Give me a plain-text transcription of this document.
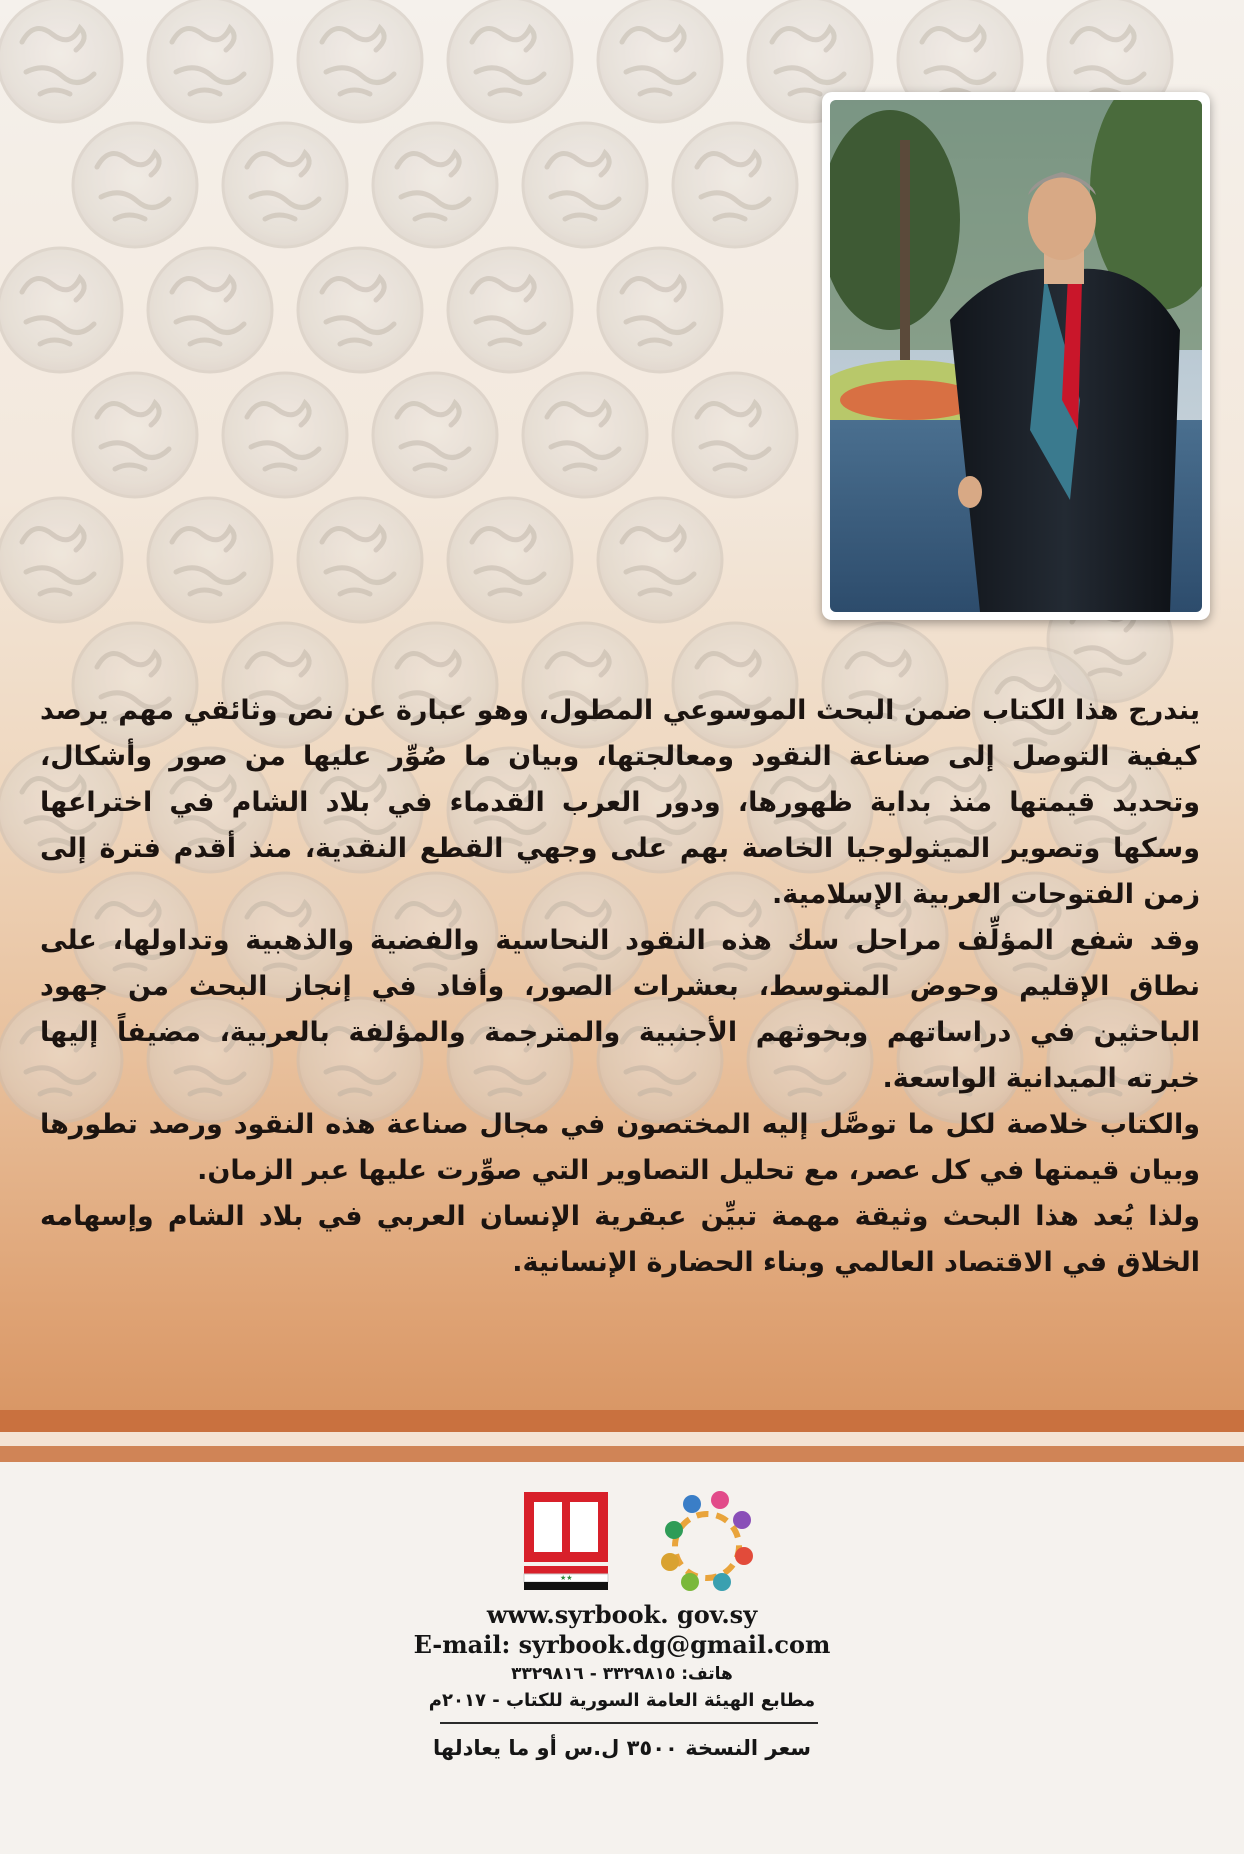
يندرج هذا الكتاب ضمن البحث الموسوعي المطول، وهو عبارة عن نص وثائقي مهم يرصد كيفية التوصل إلى صناعة النقود ومعالجتها، وبيان ما صُوِّر عليها من صور وأشكال، وتحديد قيمتها منذ بداية ظهورها، ودور العرب القدماء في بلاد الشام في اختراعها وسكها وتصوير الميثولوجيا الخاصة بهم على وجهي القطع النقدية، منذ أقدم فترة إلى زمن الفتوحات العربية الإسلامية.

وقد شفع المؤلِّف مراحل سك هذه النقود النحاسية والفضية والذهبية وتداولها، على نطاق الإقليم وحوض المتوسط، بعشرات الصور، وأفاد في إنجاز البحث من جهود الباحثين في دراساتهم وبحوثهم الأجنبية والمترجمة والمؤلفة بالعربية، مضيفاً إليها خبرته الميدانية الواسعة.

والكتاب خلاصة لكل ما توصَّل إليه المختصون في مجال صناعة هذه النقود ورصد تطورها وبيان قيمتها في كل عصر، مع تحليل التصاوير التي صوِّرت عليها عبر الزمان.

ولذا يُعد هذا البحث وثيقة مهمة تبيِّن عبقرية الإنسان العربي في بلاد الشام وإسهامه الخلاق في الاقتصاد العالمي وبناء الحضارة الإنسانية.

★★
www.syrbook. gov.sy
E-mail: syrbook.dg@gmail.com
هاتف: ٣٣٢٩٨١٥ - ٣٣٢٩٨١٦
مطابع الهيئة العامة السورية للكتاب - ٢٠١٧م
سعر النسخة ٣٥٠٠ ل.س أو ما يعادلها
